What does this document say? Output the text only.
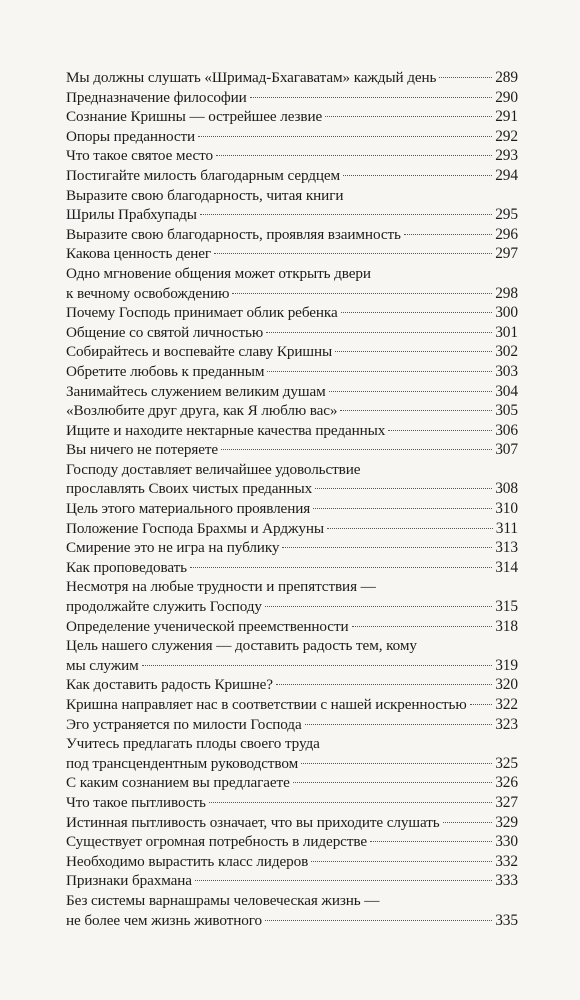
Мы должны слушать «Шримад-Бхагаватам» каждый день	289
Предназначение философии	290
Сознание Кришны — острейшее лезвие	291
Опоры преданности	292
Что такое святое место	293
Постигайте милость благодарным сердцем	294
Выразите свою благодарность, читая книги
Шрилы Прабхупады	295
Выразите свою благодарность, проявляя взаимность	296
Какова ценность денег	297
Одно мгновение общения может открыть двери
к вечному освобождению	298
Почему Господь принимает облик ребенка	300
Общение со святой личностью	301
Собирайтесь и воспевайте славу Кришны	302
Обретите любовь к преданным	303
Занимайтесь служением великим душам	304
«Возлюбите друг друга, как Я люблю вас»	305
Ищите и находите нектарные качества преданных	306
Вы ничего не потеряете	307
Господу доставляет величайшее удовольствие
прославлять Своих чистых преданных	308
Цель этого материального проявления	310
Положение Господа Брахмы и Арджуны	311
Смирение это не игра на публику	313
Как проповедовать	314
Несмотря на любые трудности и препятствия —
продолжайте служить Господу	315
Определение ученической преемственности	318
Цель нашего служения — доставить радость тем, кому
мы служим	319
Как доставить радость Кришне?	320
Кришна направляет нас в соответствии с нашей искренностью 322
Эго устраняется по милости Господа	323
Учитесь предлагать плоды своего труда
под трансцендентным руководством	325
С каким сознанием вы предлагаете	326
Что такое пытливость	327
Истинная пытливость означает, что вы приходите слушать	329
Существует огромная потребность в лидерстве	330
Необходимо вырастить класс лидеров	332
Признаки брахмана	333
Без системы варнашрамы человеческая жизнь —
не более чем жизнь животного	335
